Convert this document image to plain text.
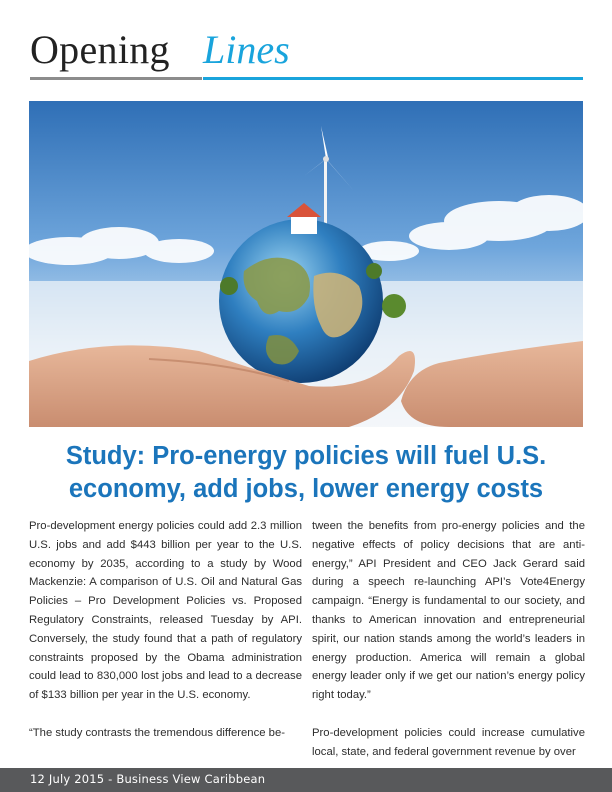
Opening Lines
Study: Pro-energy policies will fuel U.S.
economy, add jobs, lower energy costs

Pro-development energy policies could add 2.3 million U.S. jobs and add $443 billion per year to the U.S. economy by 2035, according to a study by Wood Mackenzie: A comparison of U.S. Oil and Natural Gas Policies – Pro Development Policies vs. Proposed Regulatory Constraints, released Tuesday by API. Conversely, the study found that a path of regulatory constraints proposed by the Obama administration could lead to 830,000 lost jobs and lead to a decrease of $133 billion per year in the U.S. economy.

“The study contrasts the tremendous difference be-

tween the benefits from pro-energy policies and the negative effects of policy decisions that are anti-energy,” API President and CEO Jack Gerard said during a speech re-launching API’s Vote4Energy campaign. “Energy is fundamental to our society, and thanks to American innovation and entrepreneurial spirit, our nation stands among the world’s leaders in energy production. America will remain a global energy leader only if we get our nation’s energy policy right today.”

Pro-development policies could increase cumulative local, state, and federal government revenue by over

12 July 2015 - Business View Caribbean
